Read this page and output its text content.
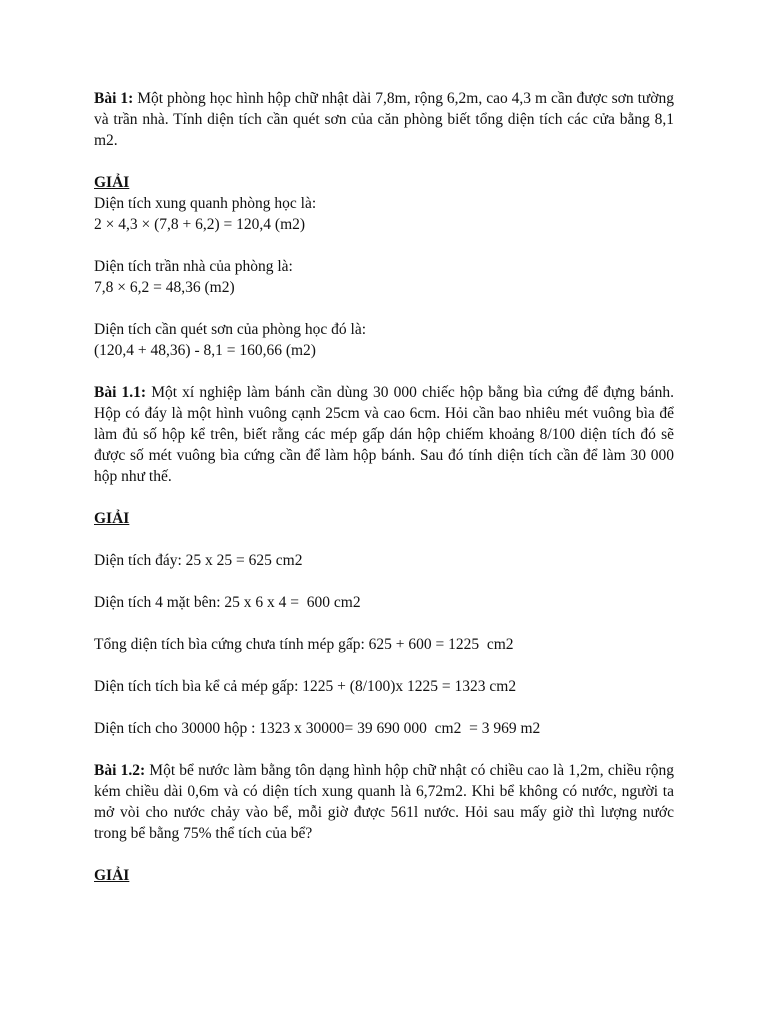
Bài 1: Một phòng học hình hộp chữ nhật dài 7,8m, rộng 6,2m, cao 4,3 m cần được sơn tường và trần nhà. Tính diện tích cần quét sơn của căn phòng biết tổng diện tích các cửa bằng 8,1 m2.

GIẢI

Diện tích xung quanh phòng học là:

2 × 4,3 × (7,8 + 6,2) = 120,4 (m2)

Diện tích trần nhà của phòng là:

7,8 × 6,2 = 48,36 (m2)

Diện tích cần quét sơn của phòng học đó là:

(120,4 + 48,36) - 8,1 = 160,66 (m2)

Bài 1.1: Một xí nghiệp làm bánh cần dùng 30 000 chiếc hộp bằng bìa cứng để đựng bánh. Hộp có đáy là một hình vuông cạnh 25cm và cao 6cm. Hỏi cần bao nhiêu mét vuông bìa để làm đủ số hộp kể trên, biết rằng các mép gấp dán hộp chiếm khoảng 8/100 diện tích đó sẽ được số mét vuông bìa cứng cần để làm hộp bánh. Sau đó tính diện tích cần để làm 30 000 hộp như thế.

GIẢI

Diện tích đáy: 25 x 25 = 625 cm2

Diện tích 4 mặt bên: 25 x 6 x 4 =  600 cm2

Tổng diện tích bìa cứng chưa tính mép gấp: 625 + 600 = 1225  cm2

Diện tích tích bìa kể cả mép gấp: 1225 + (8/100)x 1225 = 1323 cm2

Diện tích cho 30000 hộp : 1323 x 30000= 39 690 000  cm2  = 3 969 m2

Bài 1.2: Một bể nước làm bằng tôn dạng hình hộp chữ nhật có chiều cao là 1,2m, chiều rộng kém chiều dài 0,6m và có diện tích xung quanh là 6,72m2. Khi bể không có nước, người ta mở vòi cho nước chảy vào bể, mỗi giờ được 561l nước. Hỏi sau mấy giờ thì lượng nước trong bể bằng 75% thể tích của bể?

GIẢI
